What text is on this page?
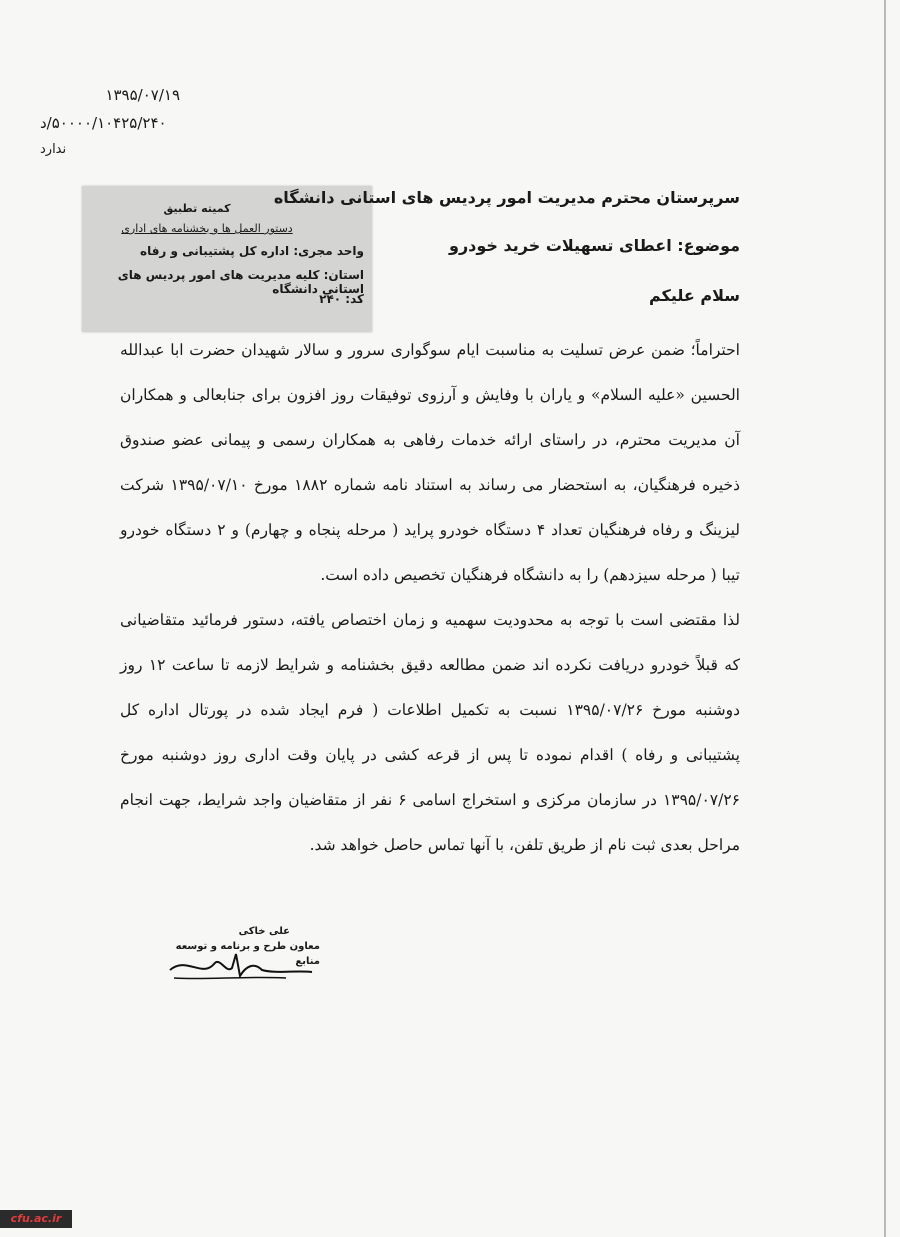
۱۳۹۵/۰۷/۱۹
۵۰۰۰۰/۱۰۴۲۵/۲۴۰/د
ندارد
کمیته تطبیق
دستور العمل ها و بخشنامه های اداری
واحد مجری: اداره کل پشتیبانی و رفاه
استان: کلیه مدیریت های امور پردیس های استانی دانشگاه
کد: ۲۴۰
سرپرستان محترم مدیریت امور پردیس های استانی دانشگاه
موضوع: اعطای تسهیلات خرید خودرو
سلام علیکم
احتراماً؛ ضمن عرض تسلیت به مناسبت ایام سوگواری سرور و سالار شهیدان حضرت ابا عبدالله الحسین «علیه السلام» و یاران با وفایش و آرزوی توفیقات روز افزون برای جنابعالی و همکاران آن مدیریت محترم، در راستای ارائه خدمات رفاهی به همکاران رسمی و پیمانی عضو صندوق ذخیره فرهنگیان، به استحضار می رساند به استناد نامه شماره ۱۸۸۲ مورخ ۱۳۹۵/۰۷/۱۰ شرکت لیزینگ و رفاه فرهنگیان تعداد ۴ دستگاه خودرو پراید ( مرحله پنجاه و چهارم) و ۲ دستگاه خودرو تیبا ( مرحله سیزدهم) را به دانشگاه فرهنگیان تخصیص داده است.
لذا مقتضی است با توجه به محدودیت سهمیه و زمان اختصاص یافته، دستور فرمائید متقاضیانی که قبلاً خودرو دریافت نکرده اند ضمن مطالعه دقیق بخشنامه و شرایط لازمه تا ساعت ۱۲ روز دوشنبه مورخ ۱۳۹۵/۰۷/۲۶ نسبت به تکمیل اطلاعات ( فرم ایجاد شده در پورتال اداره کل پشتیبانی و رفاه ) اقدام نموده تا پس از قرعه کشی در پایان وقت اداری روز دوشنبه مورخ ۱۳۹۵/۰۷/۲۶ در سازمان مرکزی و استخراج اسامی ۶ نفر از متقاضیان واجد شرایط، جهت انجام مراحل بعدی ثبت نام از طریق تلفن، با آنها تماس حاصل خواهد شد.
علی خاکی
معاون طرح و برنامه و توسعه منابع
cfu.ac.ir
